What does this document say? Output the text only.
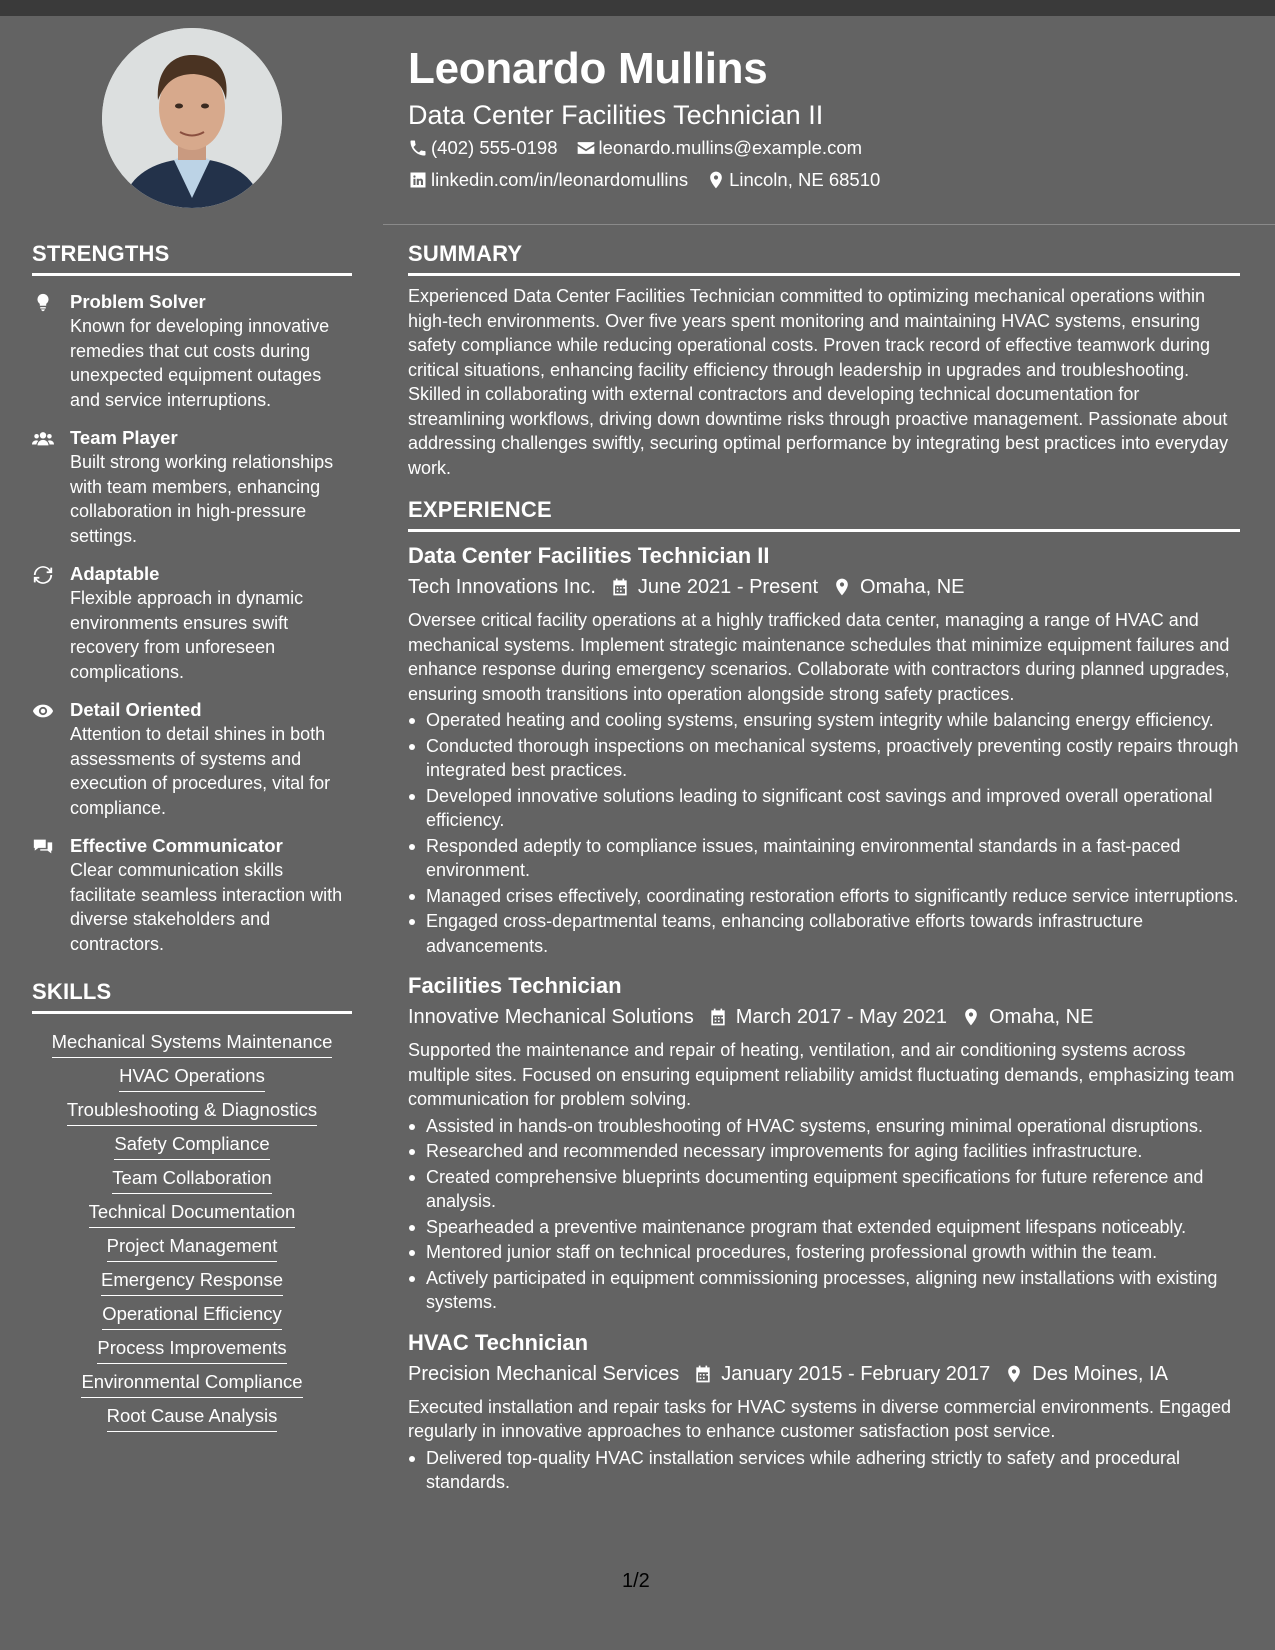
Leonardo Mullins
Data Center Facilities Technician II
(402) 555-0198 leonardo.mullins@example.com
linkedin.com/in/leonardomullins Lincoln, NE 68510
STRENGTHS
Problem Solver
Known for developing innovative remedies that cut costs during unexpected equipment outages and service interruptions.
Team Player
Built strong working relationships with team members, enhancing collaboration in high-pressure settings.
Adaptable
Flexible approach in dynamic environments ensures swift recovery from unforeseen complications.
Detail Oriented
Attention to detail shines in both assessments of systems and execution of procedures, vital for compliance.
Effective Communicator
Clear communication skills facilitate seamless interaction with diverse stakeholders and contractors.
SKILLS
Mechanical Systems Maintenance
HVAC Operations
Troubleshooting & Diagnostics
Safety Compliance
Team Collaboration
Technical Documentation
Project Management
Emergency Response
Operational Efficiency
Process Improvements
Environmental Compliance
Root Cause Analysis
SUMMARY
Experienced Data Center Facilities Technician committed to optimizing mechanical operations within high-tech environments. Over five years spent monitoring and maintaining HVAC systems, ensuring safety compliance while reducing operational costs. Proven track record of effective teamwork during critical situations, enhancing facility efficiency through leadership in upgrades and troubleshooting. Skilled in collaborating with external contractors and developing technical documentation for streamlining workflows, driving down downtime risks through proactive management. Passionate about addressing challenges swiftly, securing optimal performance by integrating best practices into everyday work.
EXPERIENCE
Data Center Facilities Technician II
Tech Innovations Inc. June 2021 - Present Omaha, NE
Oversee critical facility operations at a highly trafficked data center, managing a range of HVAC and mechanical systems. Implement strategic maintenance schedules that minimize equipment failures and enhance response during emergency scenarios. Collaborate with contractors during planned upgrades, ensuring smooth transitions into operation alongside strong safety practices.
Operated heating and cooling systems, ensuring system integrity while balancing energy efficiency.
Conducted thorough inspections on mechanical systems, proactively preventing costly repairs through integrated best practices.
Developed innovative solutions leading to significant cost savings and improved overall operational efficiency.
Responded adeptly to compliance issues, maintaining environmental standards in a fast-paced environment.
Managed crises effectively, coordinating restoration efforts to significantly reduce service interruptions.
Engaged cross-departmental teams, enhancing collaborative efforts towards infrastructure advancements.
Facilities Technician
Innovative Mechanical Solutions March 2017 - May 2021 Omaha, NE
Supported the maintenance and repair of heating, ventilation, and air conditioning systems across multiple sites. Focused on ensuring equipment reliability amidst fluctuating demands, emphasizing team communication for problem solving.
Assisted in hands-on troubleshooting of HVAC systems, ensuring minimal operational disruptions.
Researched and recommended necessary improvements for aging facilities infrastructure.
Created comprehensive blueprints documenting equipment specifications for future reference and analysis.
Spearheaded a preventive maintenance program that extended equipment lifespans noticeably.
Mentored junior staff on technical procedures, fostering professional growth within the team.
Actively participated in equipment commissioning processes, aligning new installations with existing systems.
HVAC Technician
Precision Mechanical Services January 2015 - February 2017 Des Moines, IA
Executed installation and repair tasks for HVAC systems in diverse commercial environments. Engaged regularly in innovative approaches to enhance customer satisfaction post service.
Delivered top-quality HVAC installation services while adhering strictly to safety and procedural standards.
1/2
